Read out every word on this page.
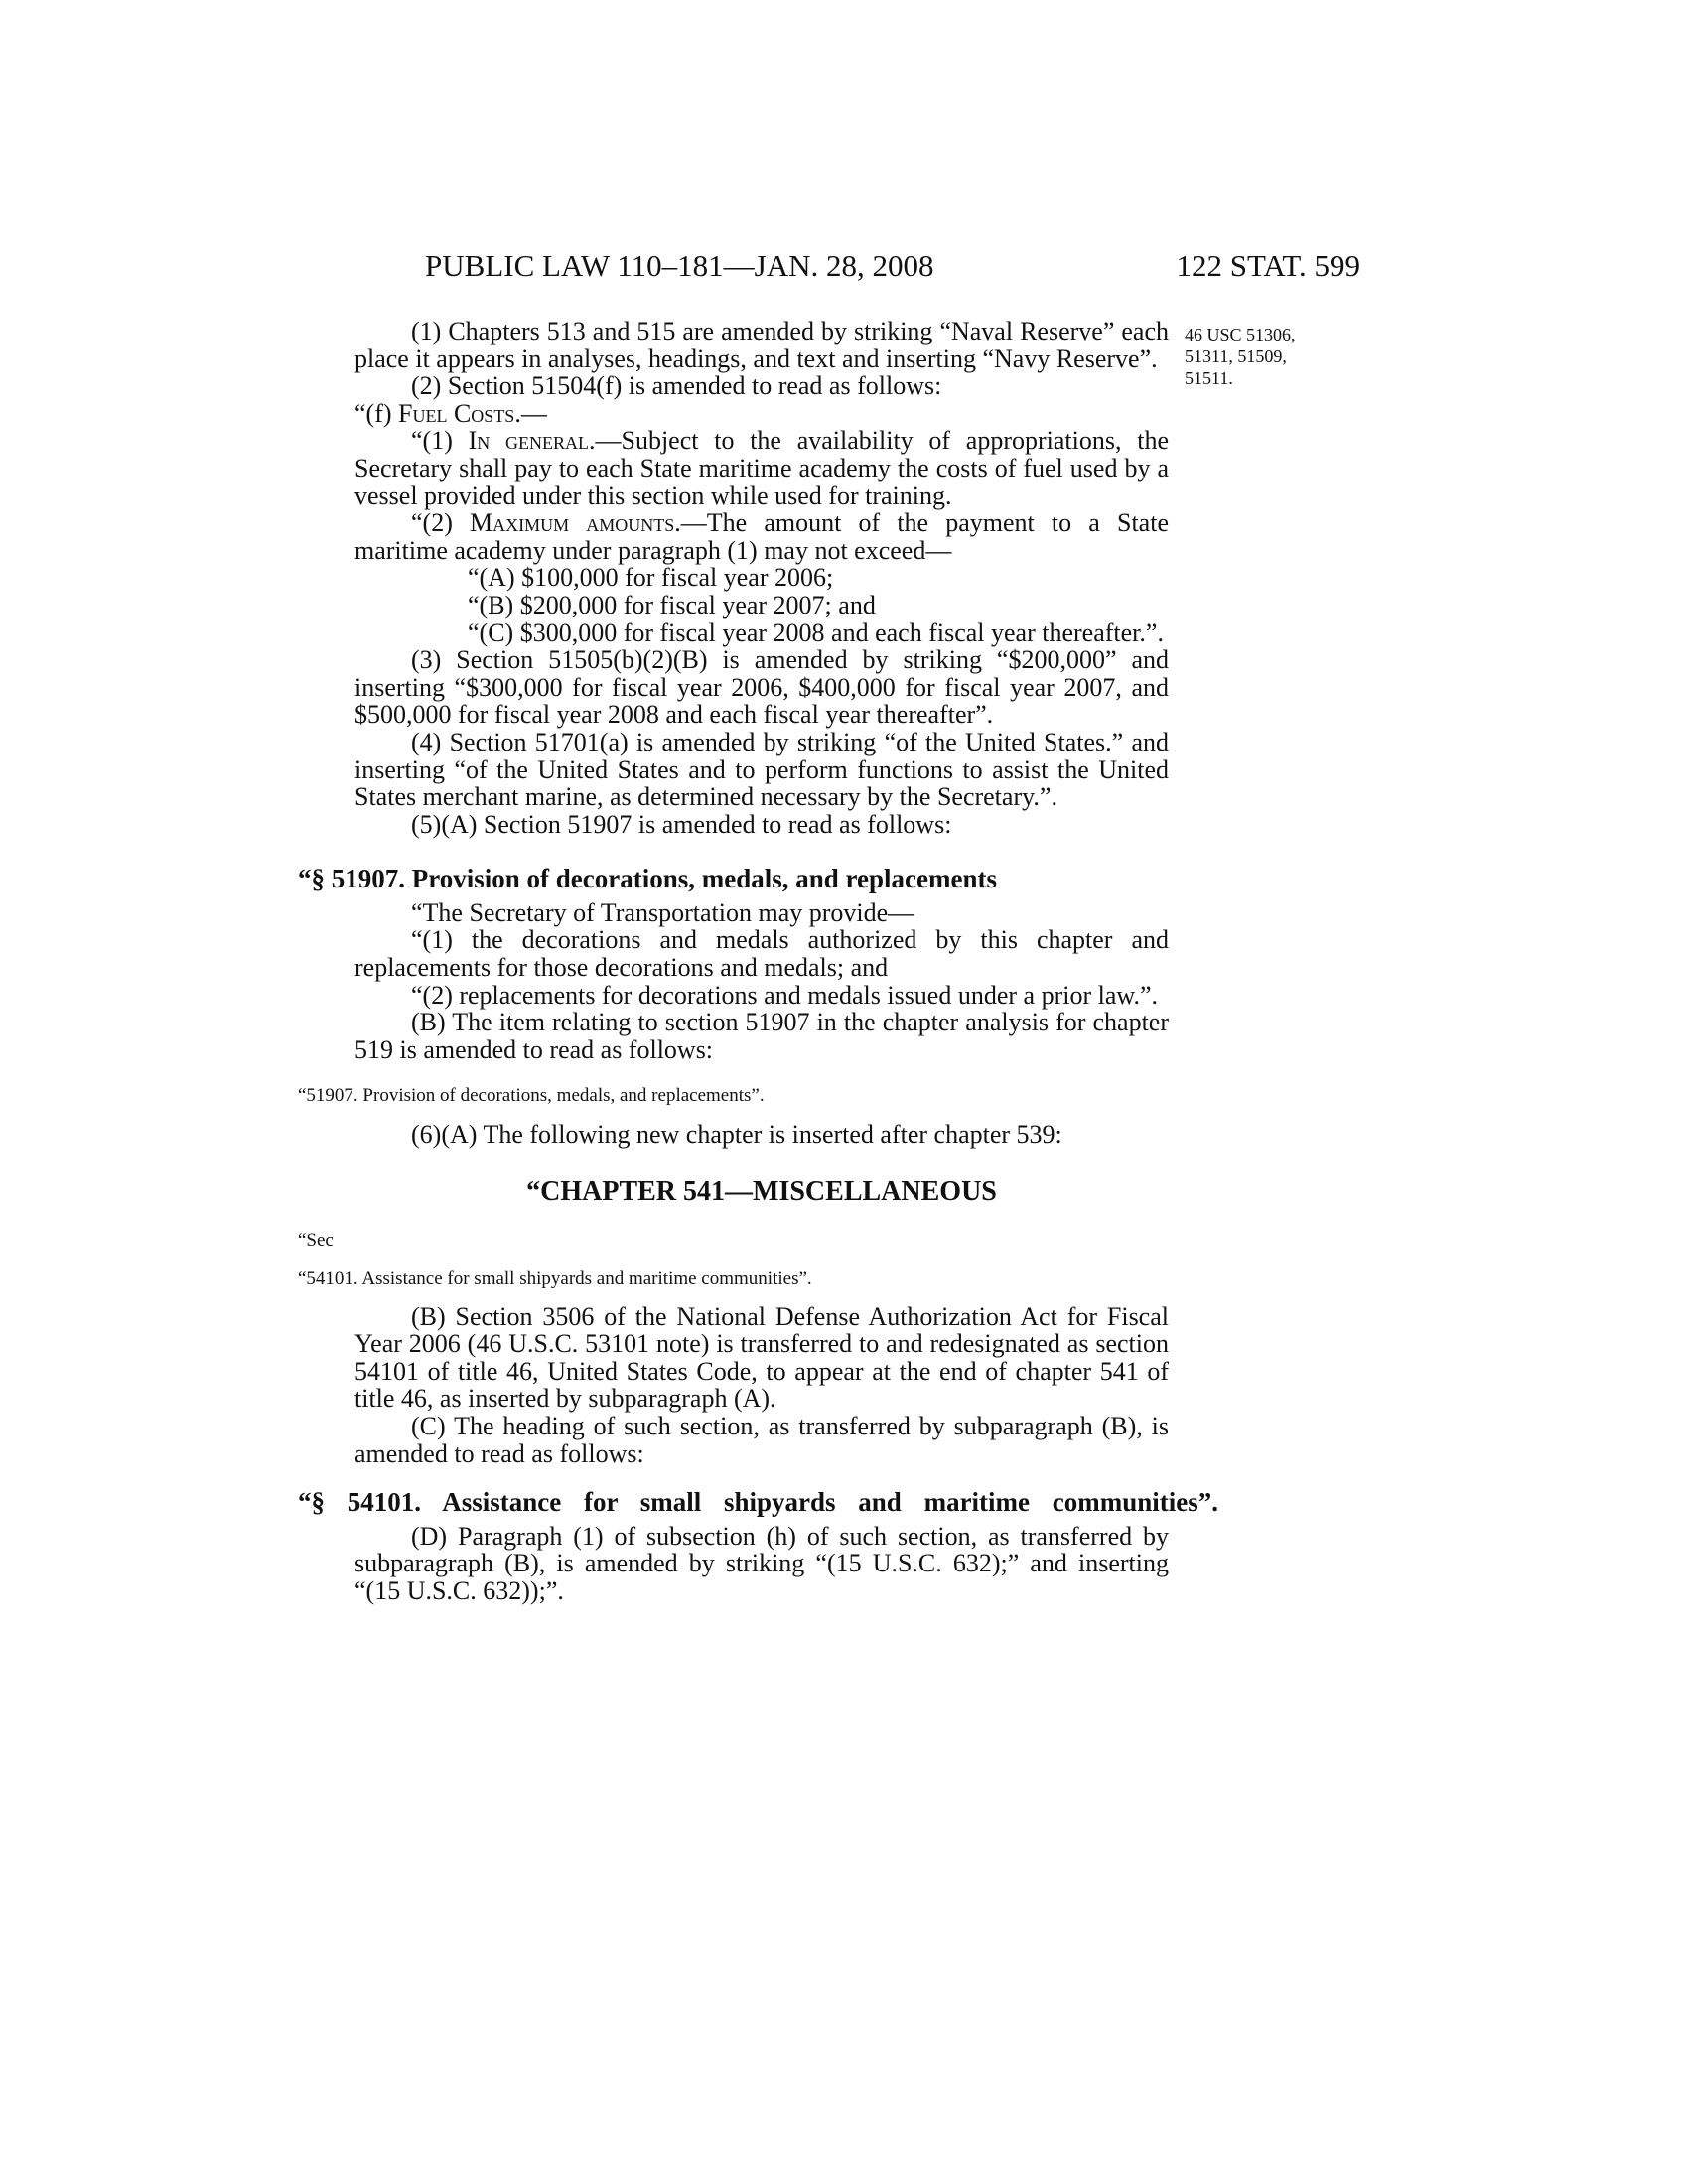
PUBLIC LAW 110–181—JAN. 28, 2008	122 STAT. 599
46 USC 51306,
51311, 51509,
51511.

(1) Chapters 513 and 515 are amended by striking “Naval Reserve” each place it appears in analyses, headings, and text and inserting “Navy Reserve”.

(2) Section 51504(f) is amended to read as follows:

“(f) Fuel Costs.—

“(1) In general.—Subject to the availability of appropriations, the Secretary shall pay to each State maritime academy the costs of fuel used by a vessel provided under this section while used for training.

“(2) Maximum amounts.—The amount of the payment to a State maritime academy under paragraph (1) may not exceed—

“(A) $100,000 for fiscal year 2006;

“(B) $200,000 for fiscal year 2007; and

“(C) $300,000 for fiscal year 2008 and each fiscal year thereafter.”.

(3) Section 51505(b)(2)(B) is amended by striking “$200,000” and inserting “$300,000 for fiscal year 2006, $400,000 for fiscal year 2007, and $500,000 for fiscal year 2008 and each fiscal year thereafter”.

(4) Section 51701(a) is amended by striking “of the United States.” and inserting “of the United States and to perform functions to assist the United States merchant marine, as determined necessary by the Secretary.”.

(5)(A) Section 51907 is amended to read as follows:

“§ 51907. Provision of decorations, medals, and replacements

“The Secretary of Transportation may provide—

“(1) the decorations and medals authorized by this chapter and replacements for those decorations and medals; and

“(2) replacements for decorations and medals issued under a prior law.”.

(B) The item relating to section 51907 in the chapter analysis for chapter 519 is amended to read as follows:

“51907. Provision of decorations, medals, and replacements”.

(6)(A) The following new chapter is inserted after chapter 539:

“CHAPTER 541—MISCELLANEOUS
“Sec
“54101. Assistance for small shipyards and maritime communities”.

(B) Section 3506 of the National Defense Authorization Act for Fiscal Year 2006 (46 U.S.C. 53101 note) is transferred to and redesignated as section 54101 of title 46, United States Code, to appear at the end of chapter 541 of title 46, as inserted by subparagraph (A).

(C) The heading of such section, as transferred by subparagraph (B), is amended to read as follows:

“§ 54101. Assistance for small shipyards and maritime communities”.

(D) Paragraph (1) of subsection (h) of such section, as transferred by subparagraph (B), is amended by striking “(15 U.S.C. 632);” and inserting “(15 U.S.C. 632));”.
